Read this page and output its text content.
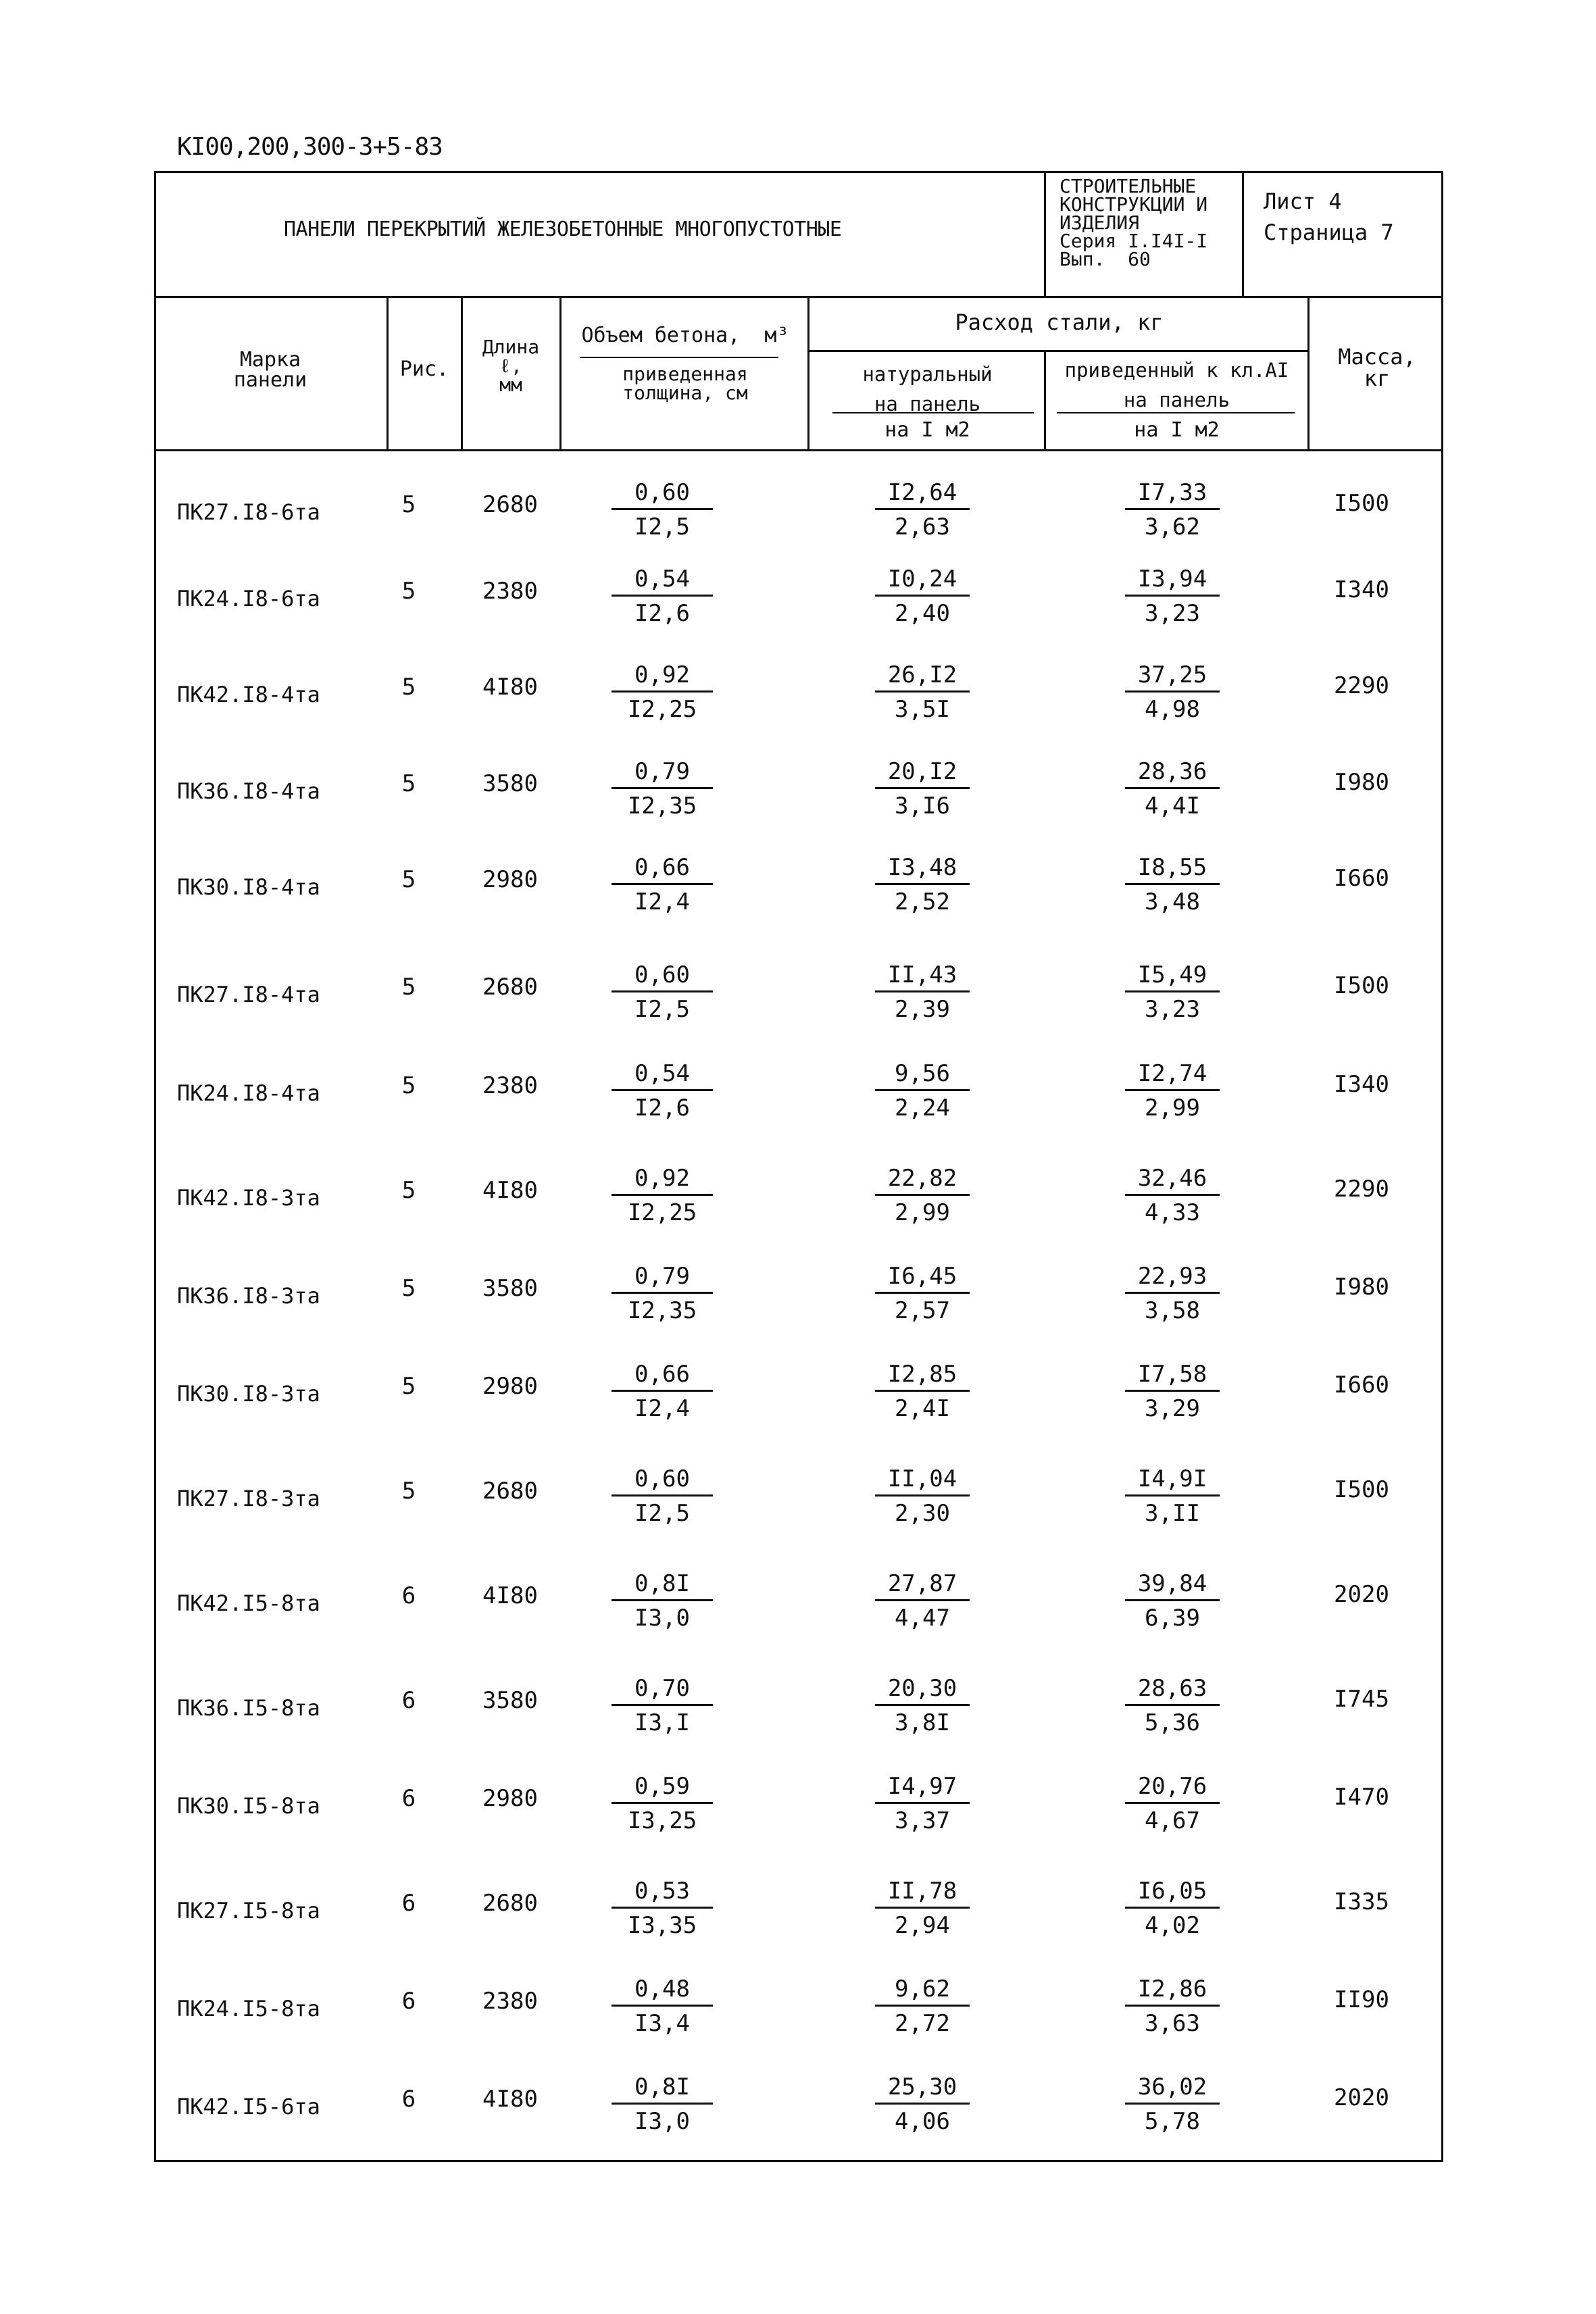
КI00,200,300-3+5-83
ПАНЕЛИ ПЕРЕКРЫТИЙ ЖЕЛЕЗОБЕТОННЫЕ МНОГОПУСТОТНЫЕ
СТРОИТЕЛЬНЫЕ
КОНСТРУКЦИИ И
ИЗДЕЛИЯ
Серия I.I4I-I
Вып.  60
Лист 4
Страница 7
Марка
панели	Рис.
Длина
ℓ,
мм
Объем бетона,  м³
приведенная
толщина, см
Расход стали, кг
натуральный
на панель
на I м2
приведенный к кл.АI
на панель
на I м2
Масса,
кг
ПК27.I8-6та	5	2680	$\frac{0,60}{I2,5}$	$\frac{I2,64}{2,63}$	$\frac{I7,33}{3,62}$	I500
ПК24.I8-6та	5	2380	$\frac{0,54}{I2,6}$	$\frac{I0,24}{2,40}$	$\frac{I3,94}{3,23}$	I340
ПК42.I8-4та	5	4I80	$\frac{0,92}{I2,25}$	$\frac{26,I2}{3,5I}$	$\frac{37,25}{4,98}$	2290
ПК36.I8-4та	5	3580	$\frac{0,79}{I2,35}$	$\frac{20,I2}{3,I6}$	$\frac{28,36}{4,4I}$	I980
ПК30.I8-4та	5	2980	$\frac{0,66}{I2,4}$	$\frac{I3,48}{2,52}$	$\frac{I8,55}{3,48}$	I660
ПК27.I8-4та	5	2680	$\frac{0,60}{I2,5}$	$\frac{II,43}{2,39}$	$\frac{I5,49}{3,23}$	I500
ПК24.I8-4та	5	2380	$\frac{0,54}{I2,6}$	$\frac{9,56}{2,24}$	$\frac{I2,74}{2,99}$	I340
ПК42.I8-3та	5	4I80	$\frac{0,92}{I2,25}$	$\frac{22,82}{2,99}$	$\frac{32,46}{4,33}$	2290
ПК36.I8-3та	5	3580	$\frac{0,79}{I2,35}$	$\frac{I6,45}{2,57}$	$\frac{22,93}{3,58}$	I980
ПК30.I8-3та	5	2980	$\frac{0,66}{I2,4}$	$\frac{I2,85}{2,4I}$	$\frac{I7,58}{3,29}$	I660
ПК27.I8-3та	5	2680	$\frac{0,60}{I2,5}$	$\frac{II,04}{2,30}$	$\frac{I4,9I}{3,II}$	I500
ПК42.I5-8та	6	4I80	$\frac{0,8I}{I3,0}$	$\frac{27,87}{4,47}$	$\frac{39,84}{6,39}$	2020
ПК36.I5-8та	6	3580	$\frac{0,70}{I3,I}$	$\frac{20,30}{3,8I}$	$\frac{28,63}{5,36}$	I745
ПК30.I5-8та	6	2980	$\frac{0,59}{I3,25}$	$\frac{I4,97}{3,37}$	$\frac{20,76}{4,67}$	I470
ПК27.I5-8та	6	2680	$\frac{0,53}{I3,35}$	$\frac{II,78}{2,94}$	$\frac{I6,05}{4,02}$	I335
ПК24.I5-8та	6	2380	$\frac{0,48}{I3,4}$	$\frac{9,62}{2,72}$	$\frac{I2,86}{3,63}$	II90
ПК42.I5-6та	6	4I80	$\frac{0,8I}{I3,0}$	$\frac{25,30}{4,06}$	$\frac{36,02}{5,78}$	2020
